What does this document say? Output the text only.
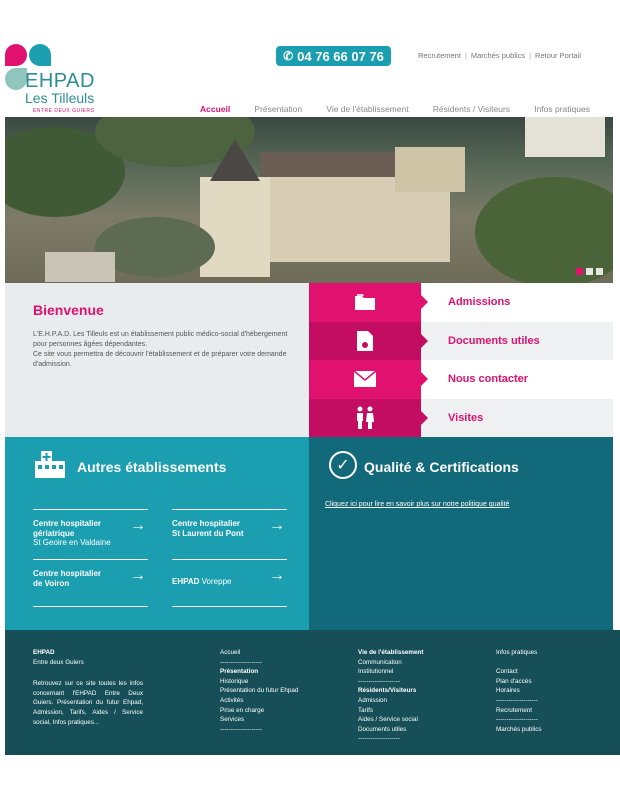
EHPAD
Les Tilleuls
ENTRE DEUX GUIERS
✆ 04 76 66 07 76	Recrutement | Marchés publics | Retour Portail
Accueil	Présentation	Vie de l'établissement	Résidents / Visiteurs	Infos pratiques
Bienvenue

L'E.H.P.A.D. Les Tilleuls est un établissement public médico-social d'hébergement pour personnes âgées dépendantes.
Ce site vous permettra de découvrir l'établissement et de préparer votre demande d'admission.

Admissions
Documents utiles
Nous contacter
Visites
Autres établissements
Centre hospitalier gériatrique
St Geoire en Valdaine
→	Centre hospitalier
St Laurent du Pont	→
Centre hospitalier
de Voiron	→	EHPAD Voreppe	→
✓	Qualité & Certifications
Cliquez ici pour lire en savoir plus sur notre politique qualité
EHPAD
Entre deux Guiers
Retrouvez sur ce site toutes les infos concernant l'EHPAD Entre Deux Guiers. Présentation du futur Ehpad, Admission, Tarifs, Aides / Service social, Infos pratiques...
Accueil
--------------------
Présentation
Historique
Présentation du futur Ehpad
Activités
Prise en charge
Services
--------------------
Vie de l'établissement
Communication
Institutionnel
--------------------
Résidents/Visiteurs
Admission
Tarifs
Aides / Service social
Documents utiles
--------------------
Infos pratiques

Contact
Plan d'accès
Horaires
--------------------
Recrutement
--------------------
Marchés publics
